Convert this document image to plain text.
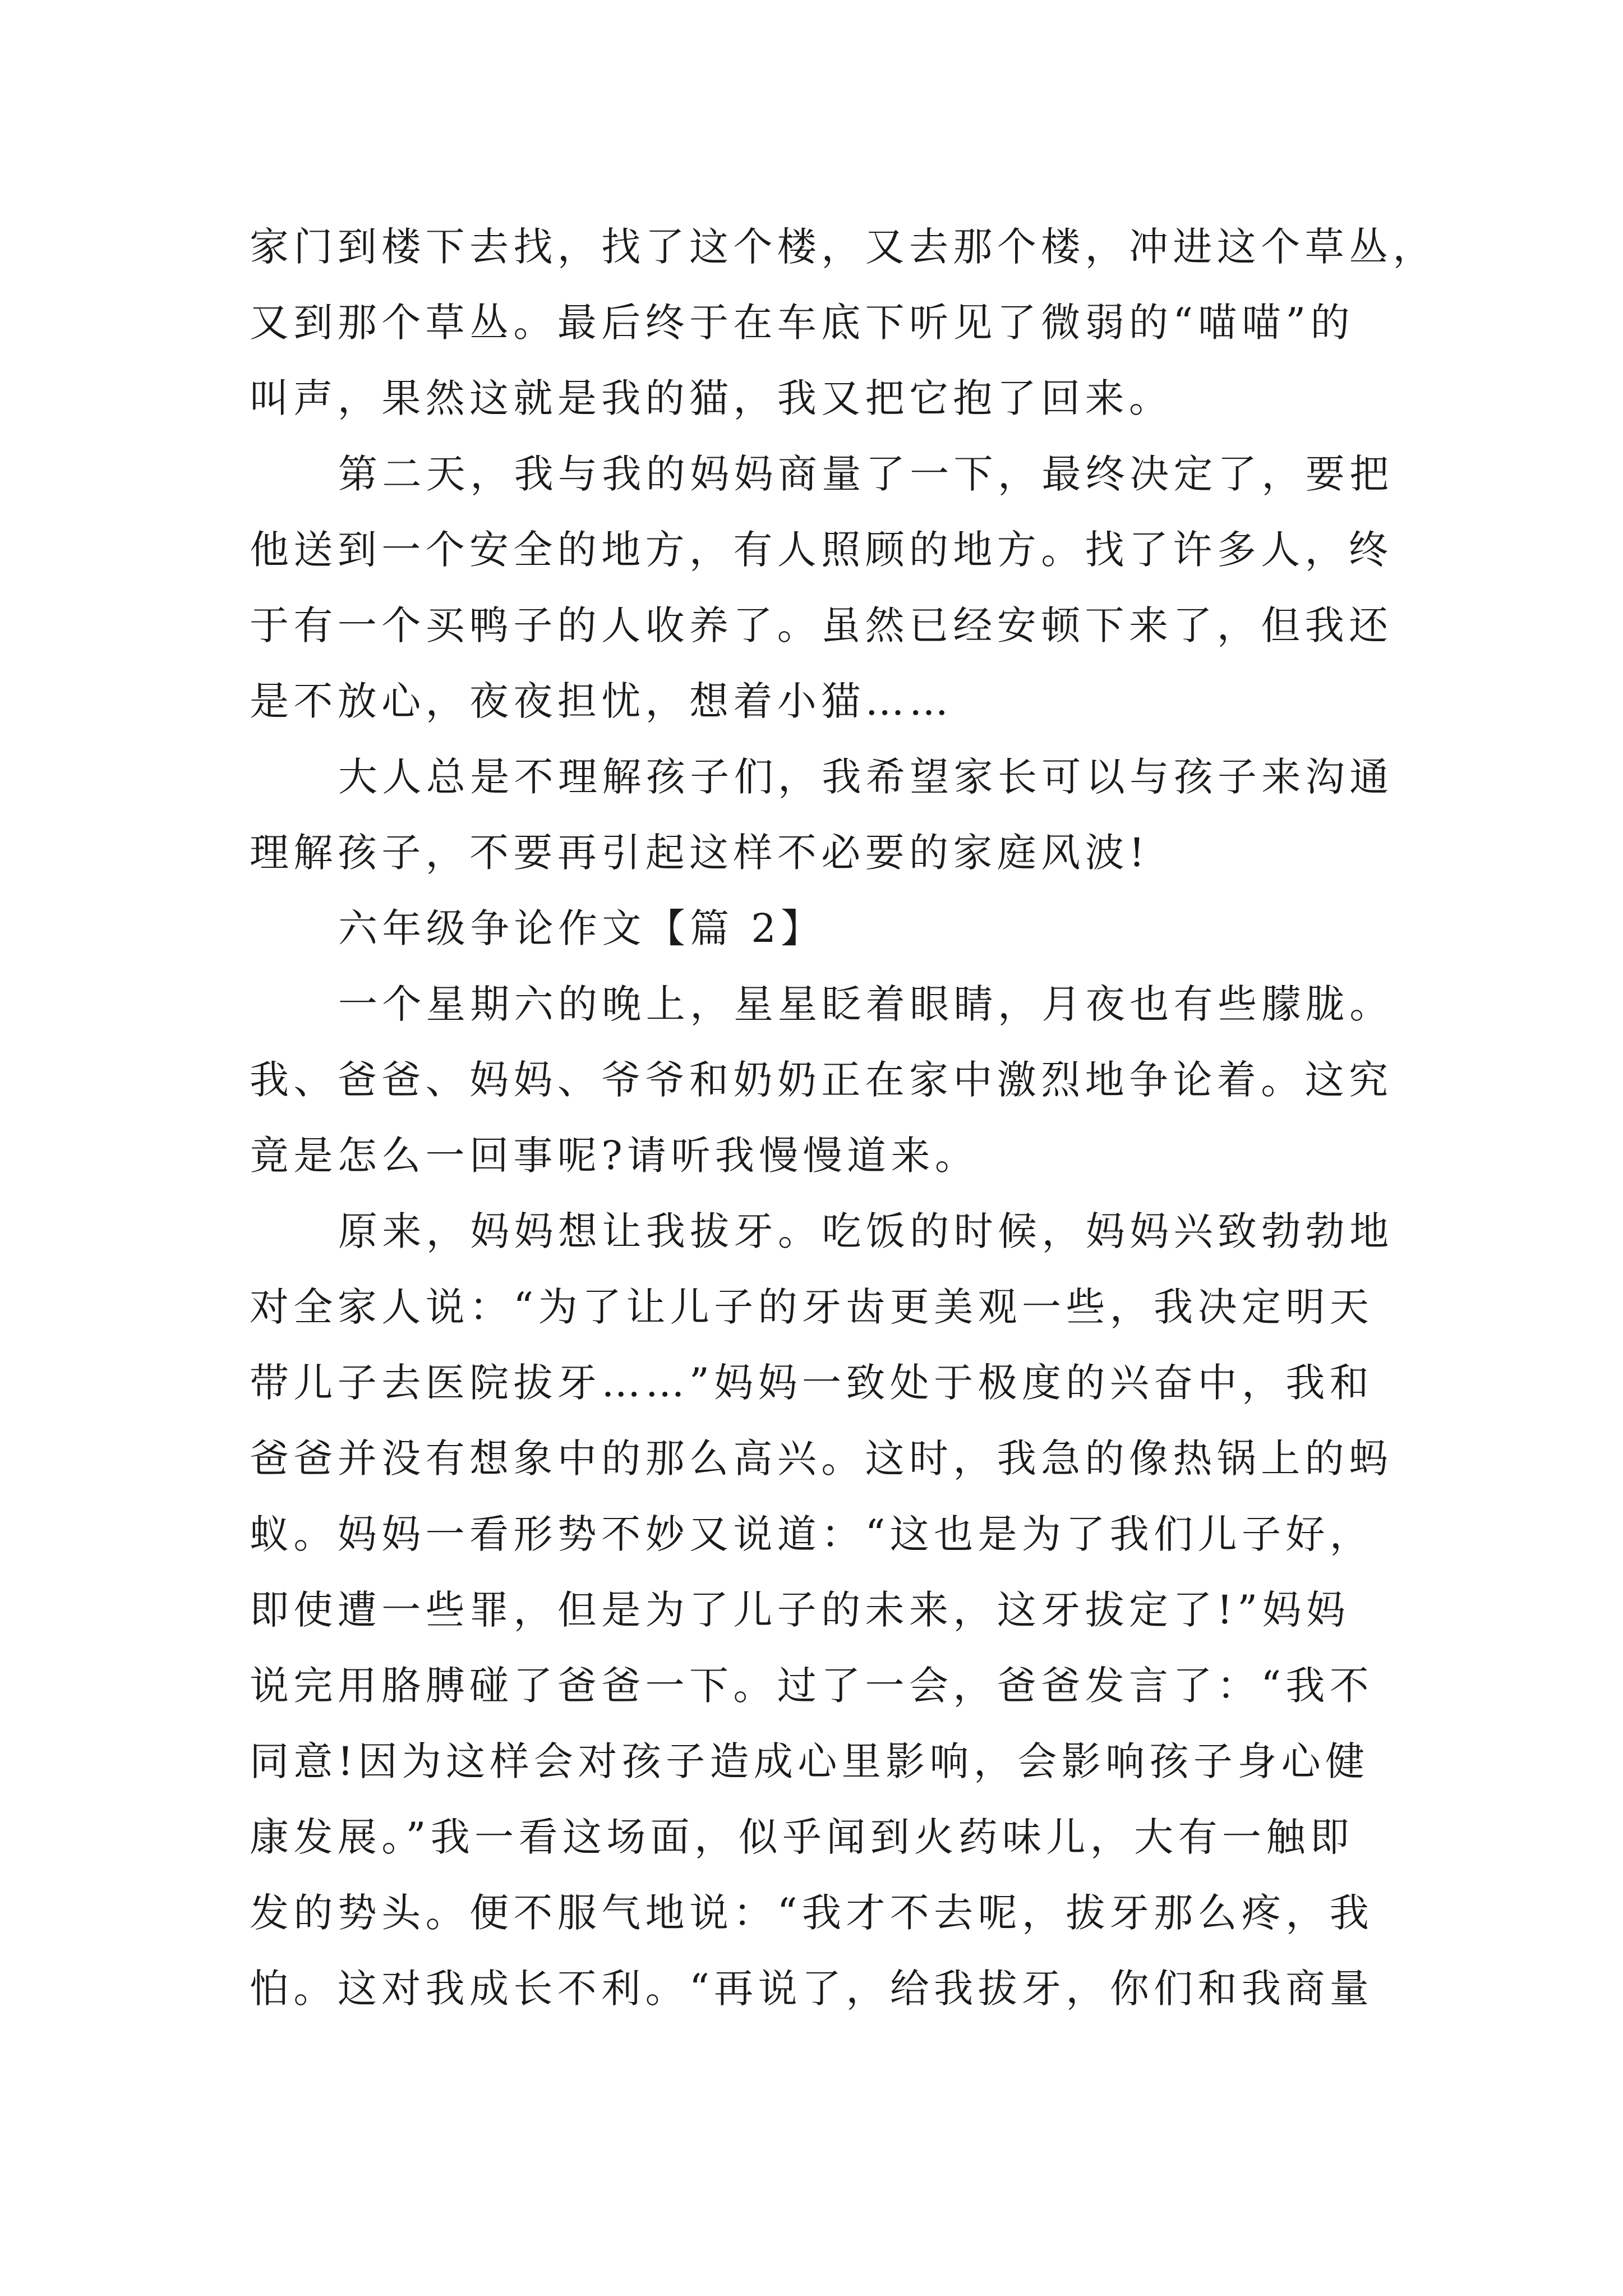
家门到楼下去找，找了这个楼，又去那个楼，冲进这个草丛，
又到那个草丛。最后终于在车底下听见了微弱的“喵喵”的
叫声，果然这就是我的猫，我又把它抱了回来。
第二天，我与我的妈妈商量了一下，最终决定了，要把
他送到一个安全的地方，有人照顾的地方。找了许多人，终
于有一个买鸭子的人收养了。虽然已经安顿下来了，但我还
是不放心，夜夜担忧，想着小猫……
大人总是不理解孩子们，我希望家长可以与孩子来沟通
理解孩子，不要再引起这样不必要的家庭风波!
六年级争论作文【篇 2】
一个星期六的晚上，星星眨着眼睛，月夜也有些朦胧。
我、爸爸、妈妈、爷爷和奶奶正在家中激烈地争论着。这究
竟是怎么一回事呢?请听我慢慢道来。
原来，妈妈想让我拔牙。吃饭的时候，妈妈兴致勃勃地
对全家人说：“为了让儿子的牙齿更美观一些，我决定明天
带儿子去医院拔牙……”妈妈一致处于极度的兴奋中，我和
爸爸并没有想象中的那么高兴。这时，我急的像热锅上的蚂
蚁。妈妈一看形势不妙又说道：“这也是为了我们儿子好，
即使遭一些罪，但是为了儿子的未来，这牙拔定了!”妈妈
说完用胳膊碰了爸爸一下。过了一会，爸爸发言了：“我不
同意!因为这样会对孩子造成心里影响，会影响孩子身心健
康发展。”我一看这场面，似乎闻到火药味儿，大有一触即
发的势头。便不服气地说：“我才不去呢，拔牙那么疼，我
怕。这对我成长不利。“再说了，给我拔牙，你们和我商量
